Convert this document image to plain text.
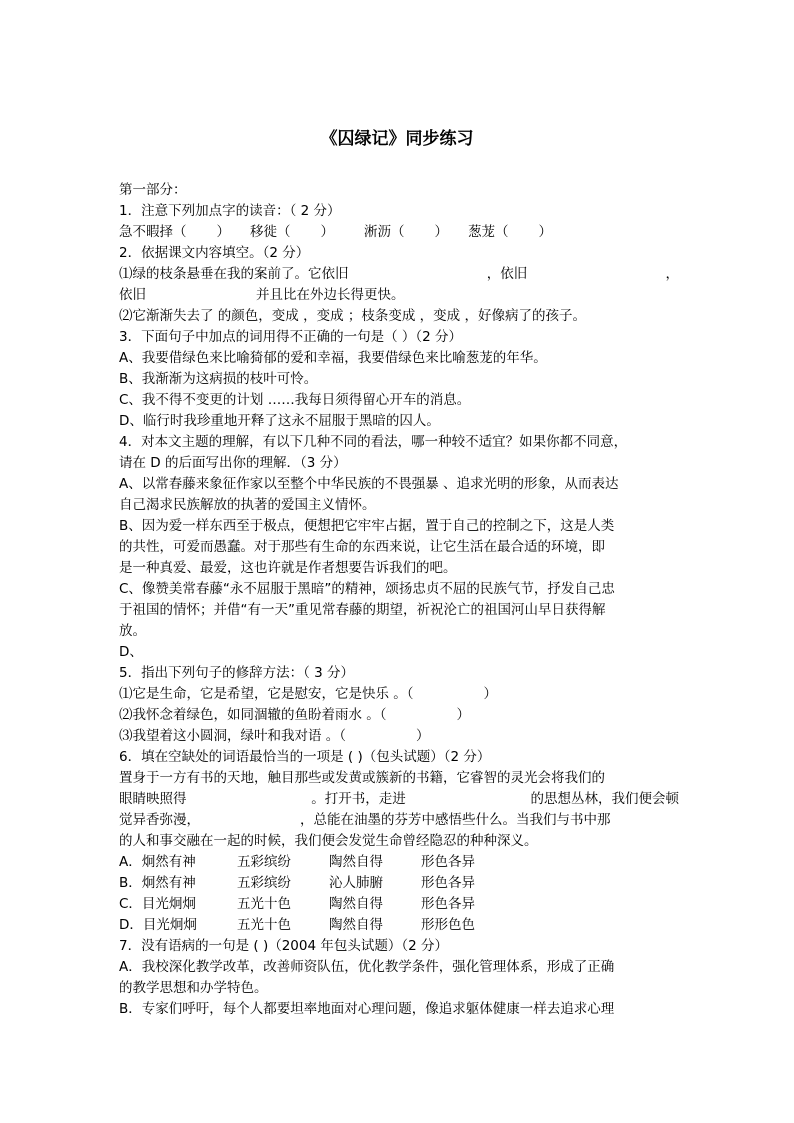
《囚绿记》同步练习
第一部分：
1．注意下列加点字的读音：（ 2 分）
急不暇择（ ） 移徙（ ） 淅沥（ ） 葱茏（ ）
2．依据课文内容填空。（2 分）
⑴绿的枝条悬垂在我的案前了。它依旧	，依旧	，
依旧	并且比在外边长得更快。
⑵它渐渐失去了 的颜色，变成 ，变成 ；枝条变成 ，变成 ，好像病了的孩子。
3．下面句子中加点的词用得不正确的一句是（ ）（2 分）
A、我要借绿色来比喻猗郁的爱和幸福，我要借绿色来比喻葱茏的年华。
B、我渐渐为这病损的枝叶可怜。
C、我不得不变更的计划 ……我每日须得留心开车的消息。
D、临行时我珍重地开释了这永不屈服于黑暗的囚人。
4．对本文主题的理解，有以下几种不同的看法，哪一种较不适宜？如果你都不同意，
请在 D 的后面写出你的理解．（3 分）
A、以常春藤来象征作家以至整个中华民族的不畏强暴 、追求光明的形象，从而表达
自己渴求民族解放的执著的爱国主义情怀。
B、因为爱一样东西至于极点，便想把它牢牢占据，置于自己的控制之下，这是人类
的共性，可爱而愚蠢。对于那些有生命的东西来说，让它生活在最合适的环境，即
是一种真爱、最爱，这也许就是作者想要告诉我们的吧。
C、像赞美常春藤“永不屈服于黑暗”的精神，颂扬忠贞不屈的民族气节，抒发自己忠
于祖国的情怀；并借“有一天”重见常春藤的期望，祈祝沦亡的祖国河山早日获得解
放。
D、
5．指出下列句子的修辞方法：（ 3 分）
⑴它是生命，它是希望，它是慰安，它是快乐 。（	）
⑵我怀念着绿色，如同涸辙的鱼盼着雨水 。（	）
⑶我望着这小圆洞，绿叶和我对语 。（	）
6．填在空缺处的词语最恰当的一项是 ( )（包头试题）（2 分）
置身于一方有书的天地，触目那些或发黄或簇新的书籍，它睿智的灵光会将我们的
眼睛映照得	。打开书，走进	的思想丛林，我们便会顿
觉异香弥漫，	，总能在油墨的芬芳中感悟些什么。当我们与书中那
的人和事交融在一起的时候，我们便会发觉生命曾经隐忍的种种深义。
A．炯然有神	五彩缤纷	陶然自得	形色各异
B．炯然有神	五彩缤纷	沁人肺腑	形色各异
C．目光炯炯	五光十色	陶然自得	形色各异
D．目光炯炯	五光十色	陶然自得	形形色色
7．没有语病的一句是 ( )（2004 年包头试题）（2 分）
A．我校深化教学改革，改善师资队伍，优化教学条件，强化管理体系，形成了正确
的教学思想和办学特色。
B．专家们呼吁，每个人都要坦率地面对心理问题，像追求躯体健康一样去追求心理
